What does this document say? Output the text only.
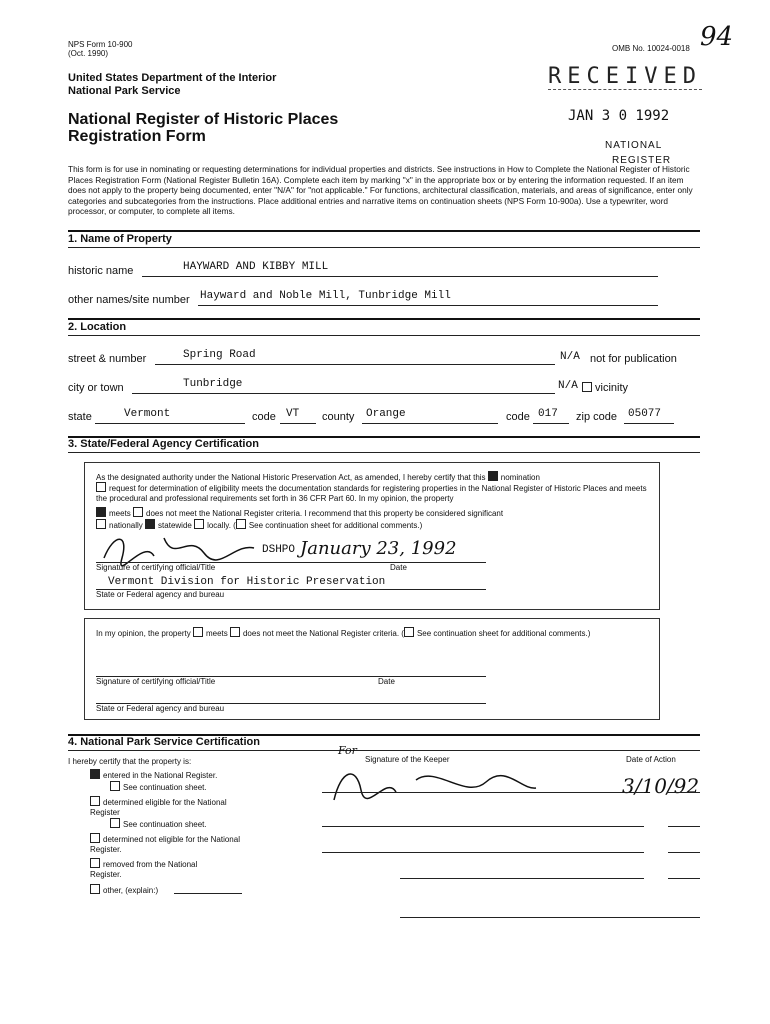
NPS Form 10-900
(Oct. 1990)
OMB No. 10024-0018 94
United States Department of the Interior
National Park Service
National Register of Historic Places
Registration Form
RECEIVED
JAN 3 0 1992
NATIONAL
REGISTER
This form is for use in nominating or requesting determinations for individual properties and districts. See instructions in How to Complete the National Register of Historic Places Registration Form (National Register Bulletin 16A). Complete each item by marking "x" in the appropriate box or by entering the information requested. If an item does not apply to the property being documented, enter "N/A" for "not applicable." For functions, architectural classification, materials, and areas of significance, enter only categories and subcategories from the instructions. Place additional entries and narrative items on continuation sheets (NPS Form 10-900a). Use a typewriter, word processor, or computer, to complete all items.
1. Name of Property
historic name	HAYWARD AND KIBBY MILL
other names/site number Hayward and Noble Mill, Tunbridge Mill
2. Location
street & number	Spring Road	N/A not for publication
city or town	Tunbridge	N/A	vicinity
state	Vermont	code VT county Orange	code 017 zip code 05077
3. State/Federal Agency Certification
As the designated authority under the National Historic Preservation Act, as amended, I hereby certify that this nomination
request for determination of eligibility meets the documentation standards for registering properties in the National Register of Historic Places and meets the procedural and professional requirements set forth in 36 CFR Part 60. In my opinion, the property
meets does not meet the National Register criteria. I recommend that this property be considered significant
nationally statewide locally. ( See continuation sheet for additional comments.)
DSHPO January 23, 1992
Signature of certifying official/Title	Date
Vermont Division for Historic Preservation
State or Federal agency and bureau
In my opinion, the property meets does not meet the National Register criteria. ( See continuation sheet for additional comments.)
Signature of certifying official/Title	Date
State or Federal agency and bureau
4. National Park Service Certification
I hereby certify that the property is:
For
Signature of the Keeper	Date of Action
entered in the National Register.
See continuation sheet.
determined eligible for the National Register
See continuation sheet.
determined not eligible for the National Register.
removed from the National Register.
other, (explain:)
3/10/92
